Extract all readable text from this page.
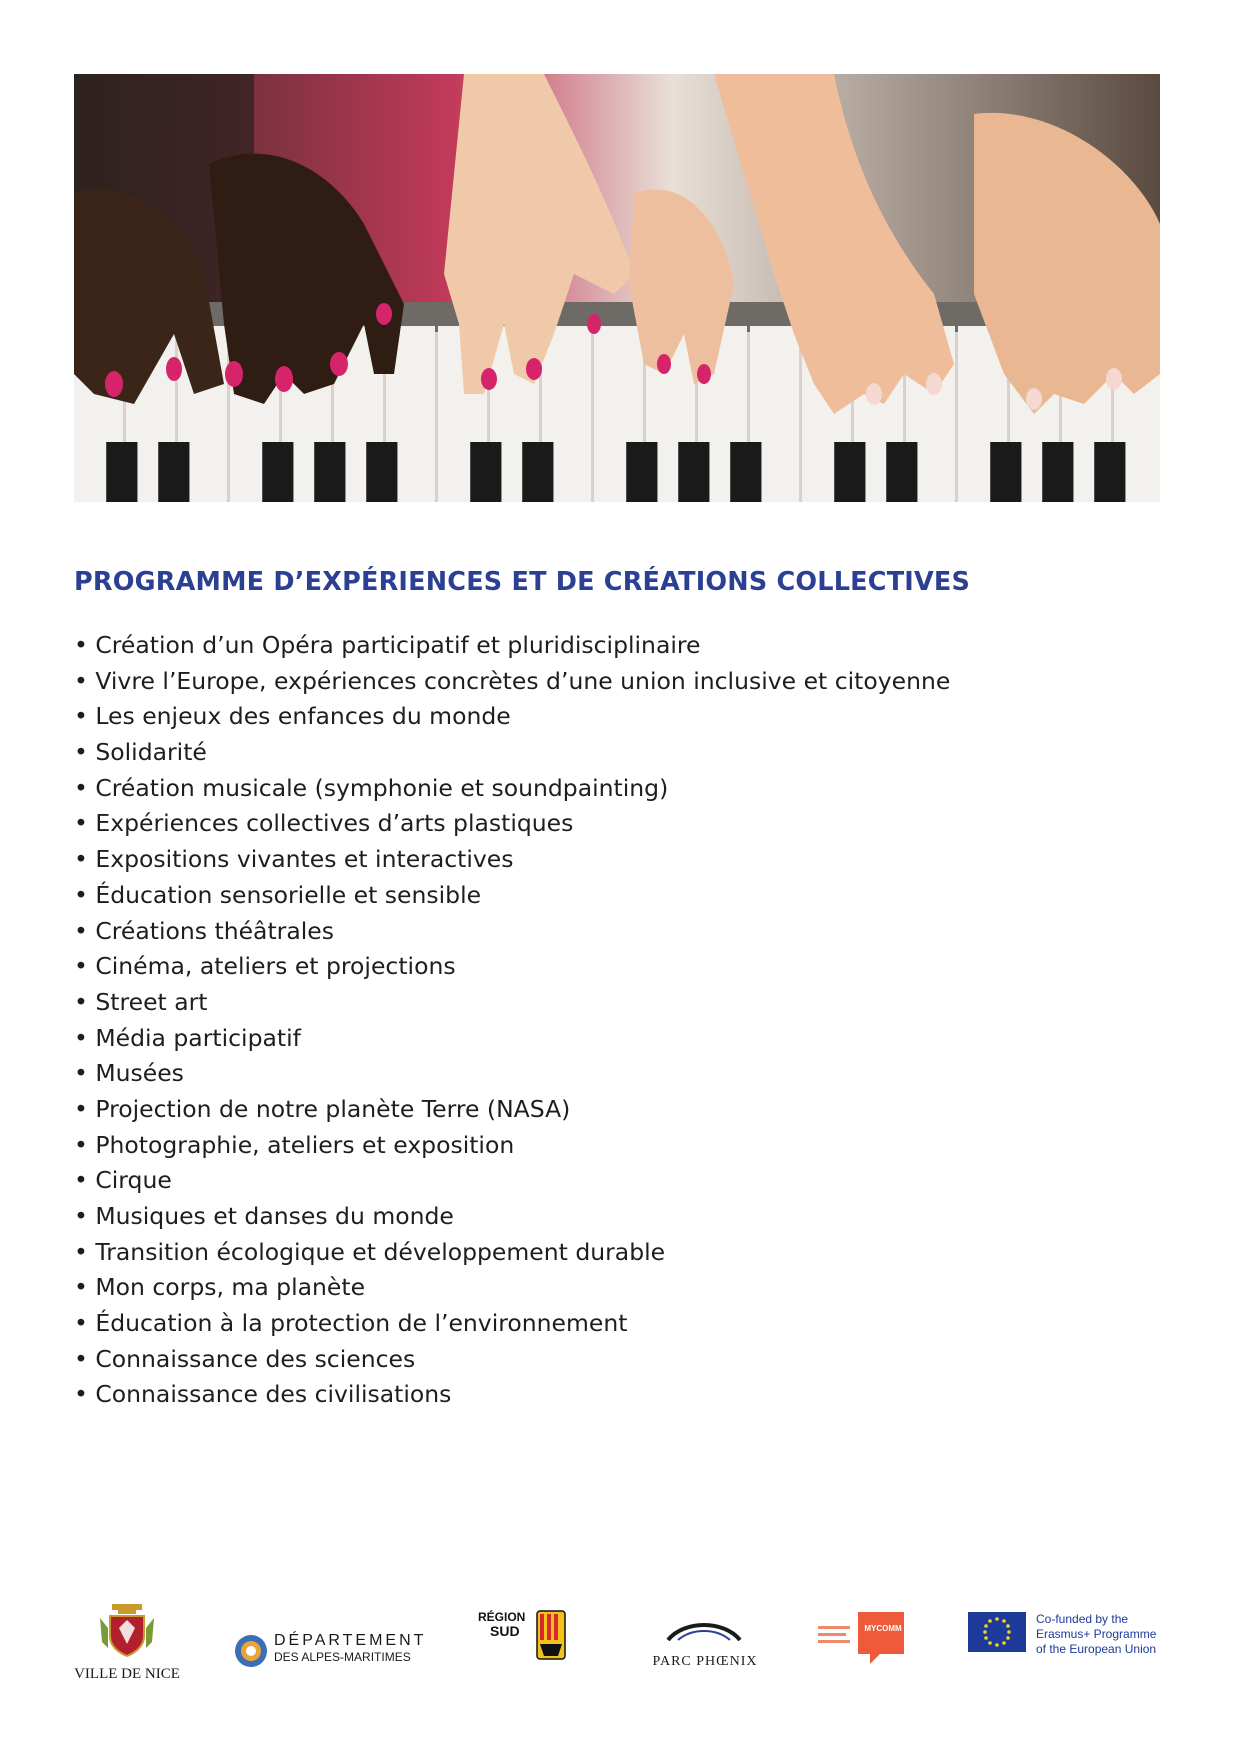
PROGRAMME D’EXPÉRIENCES ET DE CRÉATIONS COLLECTIVES
• Création d’un Opéra participatif et pluridisciplinaire
• Vivre l’Europe, expériences concrètes d’une union inclusive et citoyenne
• Les enjeux des enfances du monde
• Solidarité
• Création musicale (symphonie et soundpainting)
• Expériences collectives d’arts plastiques
• Expositions vivantes et interactives
• Éducation sensorielle et sensible
• Créations théâtrales
• Cinéma, ateliers et projections
• Street art
• Média participatif
• Musées
• Projection de notre planète Terre (NASA)
• Photographie, ateliers et exposition
• Cirque
• Musiques et danses du monde
• Transition écologique et développement durable
• Mon corps, ma planète
• Éducation à la protection de l’environnement
• Connaissance des sciences
• Connaissance des civilisations
VILLE DE NICE
DÉPARTEMENT
DES ALPES-MARITIMES
RÉGION
SUD
PARC PHŒNIX
MYCOMM
Co-funded by the
Erasmus+ Programme
of the European Union
